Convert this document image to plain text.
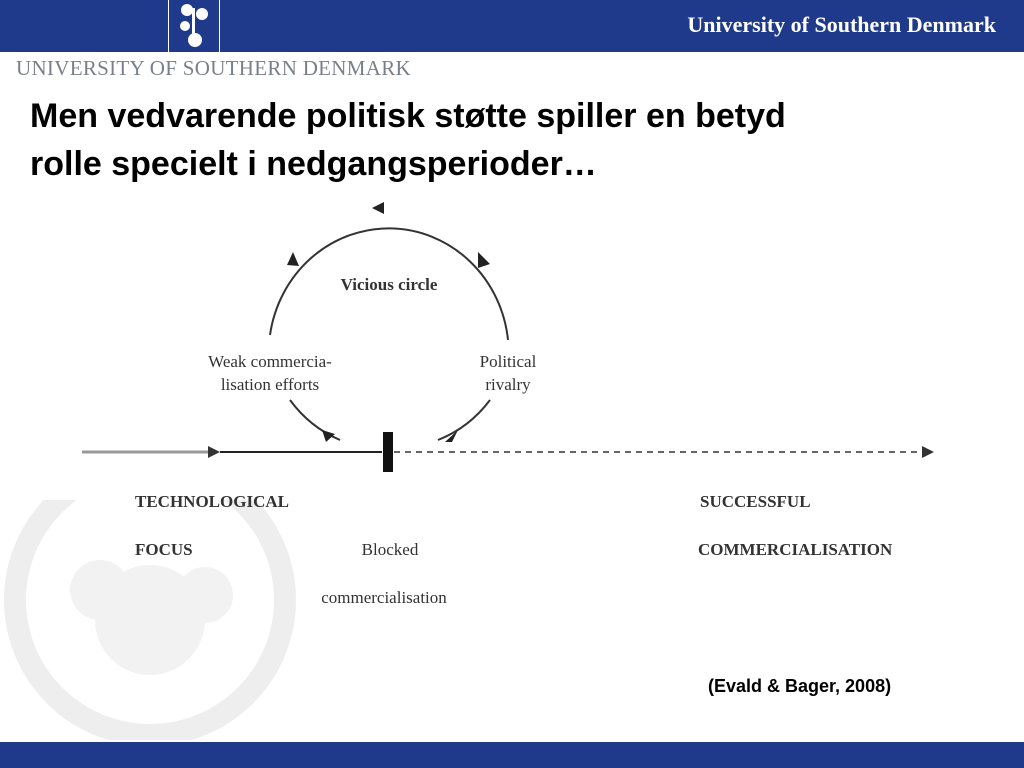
University of Southern Denmark
UNIVERSITY OF SOUTHERN DENMARK
Men vedvarende politisk støtte spiller en betyd
rolle specielt i nedgangsperioder…
Vicious circle
Weak commercia-
lisation efforts
Political
rivalry
TECHNOLOGICAL
FOCUS	Blocked
commercialisation
SUCCESSFUL
COMMERCIALISATION
(Evald & Bager, 2008)
